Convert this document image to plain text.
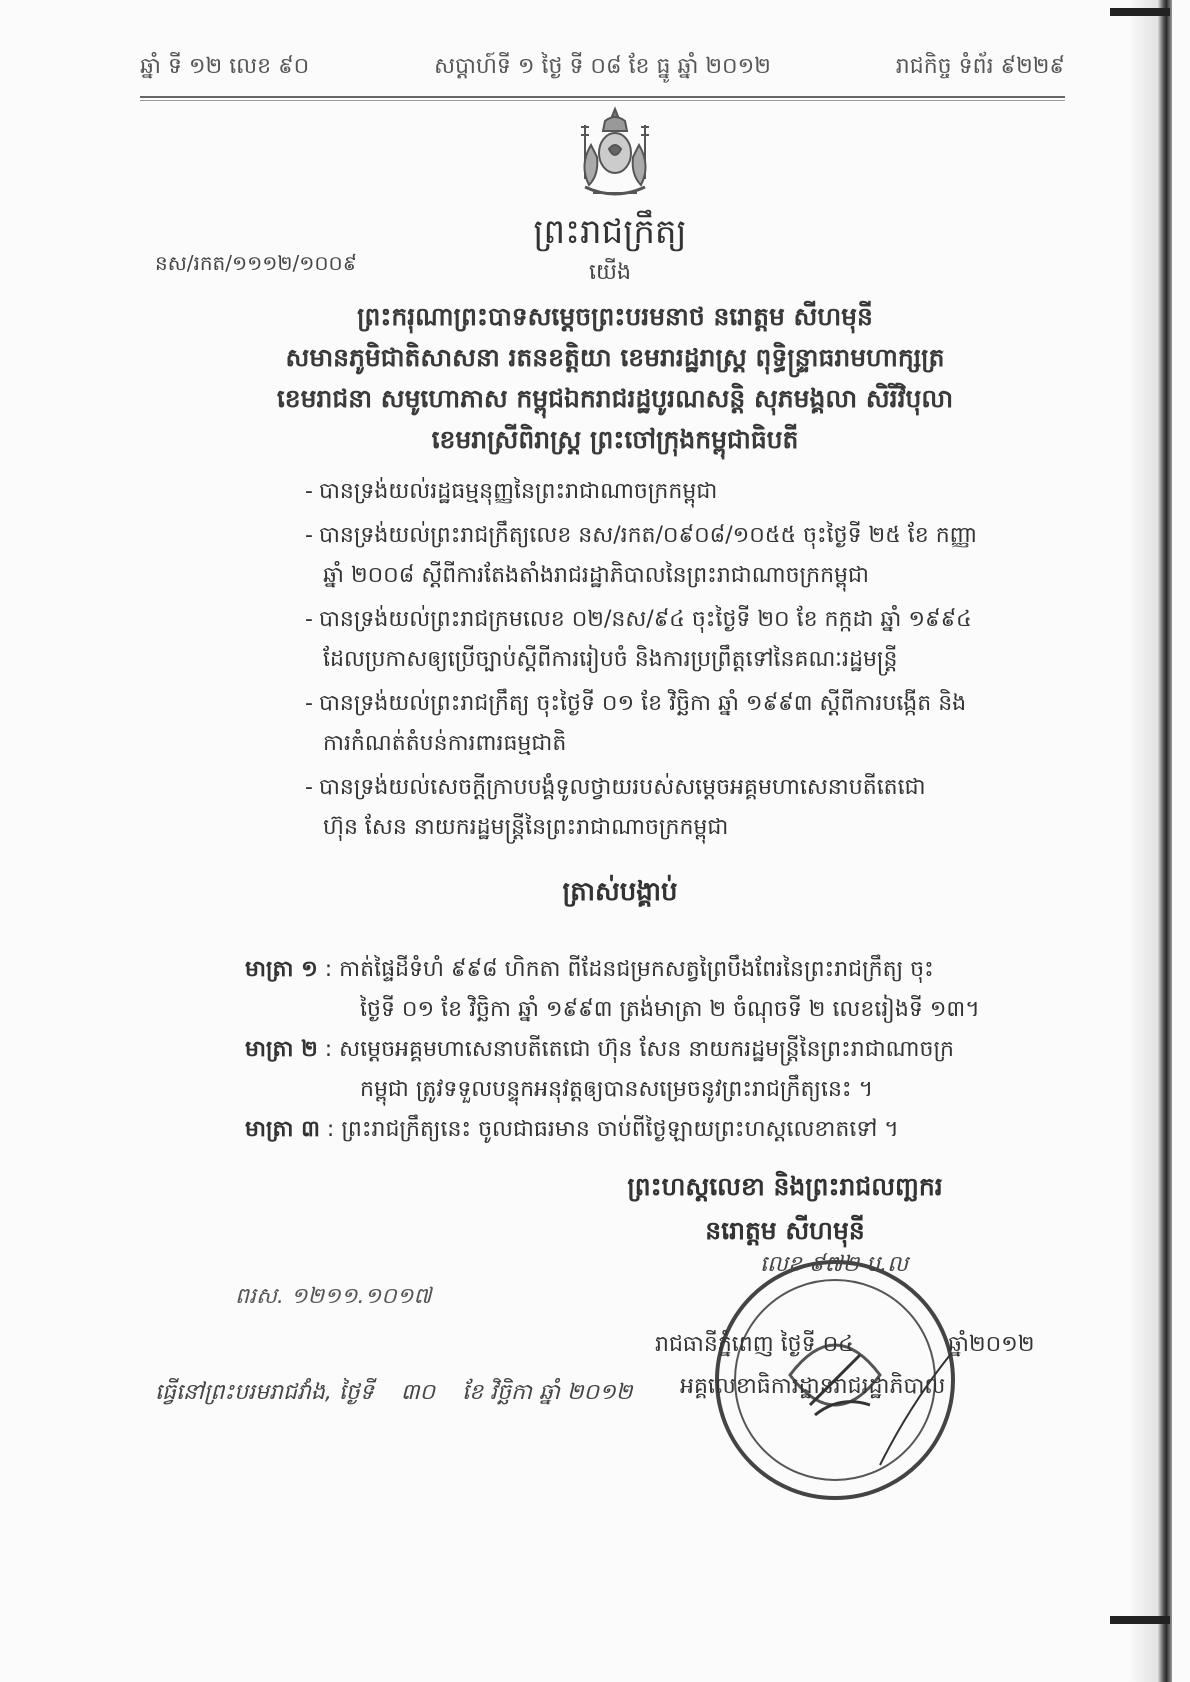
ឆ្នាំ ទី ១២ លេខ ៩០	សប្តាហ៍ទី ១ ថ្ងៃ ទី ០៨ ខែ ធ្នូ ឆ្នាំ ២០១២	រាជកិច្ច ទំព័រ ៩២២៩
ព្រះរាជក្រឹត្យ
នស/រកត/១១១២/១០០៩	យើង
ព្រះករុណាព្រះបាទសម្តេចព្រះបរមនាថ នរោត្តម សីហមុនី
សមានភូមិជាតិសាសនា រតនខត្តិយា ខេមរារដ្ឋរាស្ត្រ ពុទ្ធិន្ទ្រាធរាមហាក្សត្រ
ខេមរាជនា សមូហោភាស កម្ពុជឯករាជរដ្ឋបូរណសន្តិ សុភមង្គលា សិរីវិបុលា
ខេមរាស្រីពិរាស្ត្រ ព្រះចៅក្រុងកម្ពុជាធិបតី
- បានទ្រង់យល់រដ្ឋធម្មនុញ្ញនៃព្រះរាជាណាចក្រកម្ពុជា
- បានទ្រង់យល់ព្រះរាជក្រឹត្យលេខ នស/រកត/០៩០៨/១០៥៥ ចុះថ្ងៃទី ២៥ ខែ កញ្ញា
ឆ្នាំ ២០០៨ ស្តីពីការតែងតាំងរាជរដ្ឋាភិបាលនៃព្រះរាជាណាចក្រកម្ពុជា
- បានទ្រង់យល់ព្រះរាជក្រមលេខ ០២/នស/៩៤ ចុះថ្ងៃទី ២០ ខែ កក្កដា ឆ្នាំ ១៩៩៤
ដែលប្រកាសឲ្យប្រើច្បាប់ស្តីពីការរៀបចំ និងការប្រព្រឹត្តទៅនៃគណៈរដ្ឋមន្ត្រី
- បានទ្រង់យល់ព្រះរាជក្រឹត្យ ចុះថ្ងៃទី ០១ ខែ វិច្ឆិកា ឆ្នាំ ១៩៩៣ ស្តីពីការបង្កើត និង
ការកំណត់តំបន់ការពារធម្មជាតិ
- បានទ្រង់យល់សេចក្តីក្រាបបង្គំទូលថ្វាយរបស់សម្តេចអគ្គមហាសេនាបតីតេជោ
ហ៊ុន សែន នាយករដ្ឋមន្ត្រីនៃព្រះរាជាណាចក្រកម្ពុជា
ត្រាស់បង្គាប់
មាត្រា ១ : កាត់ផ្ទៃដីទំហំ ៩៩៨ ហិកតា ពីដែនជម្រកសត្វព្រៃបឹងពែរនៃព្រះរាជក្រឹត្យ ចុះ
ថ្ងៃទី ០១ ខែ វិច្ឆិកា ឆ្នាំ ១៩៩៣ ត្រង់មាត្រា ២ ចំណុចទី ២ លេខរៀងទី ១៣។
មាត្រា ២ : សម្តេចអគ្គមហាសេនាបតីតេជោ ហ៊ុន សែន នាយករដ្ឋមន្ត្រីនៃព្រះរាជាណាចក្រ
កម្ពុជា ត្រូវទទួលបន្ទុកអនុវត្តឲ្យបានសម្រេចនូវព្រះរាជក្រឹត្យនេះ ។
មាត្រា ៣ : ព្រះរាជក្រឹត្យនេះ ចូលជាធរមាន ចាប់ពីថ្ងៃឡាយព្រះហស្តលេខាតទៅ ។
ព្រះហស្តលេខា និងព្រះរាជលញ្ឆករ
នរោត្តម សីហមុនី
លេខ ៩៧២ ប.ល
រាជធានីភ្នំពេញ ថ្ងៃទី ០៤	ឆ្នាំ២០១២
អគ្គលេខាធិការដ្ឋានរាជរដ្ឋាភិបាល
ពរស. ១២១១.១០១៧
ធ្វើនៅព្រះបរមរាជវាំង, ថ្ងៃទី ៣០ ខែ វិច្ឆិកា ឆ្នាំ ២០១២
